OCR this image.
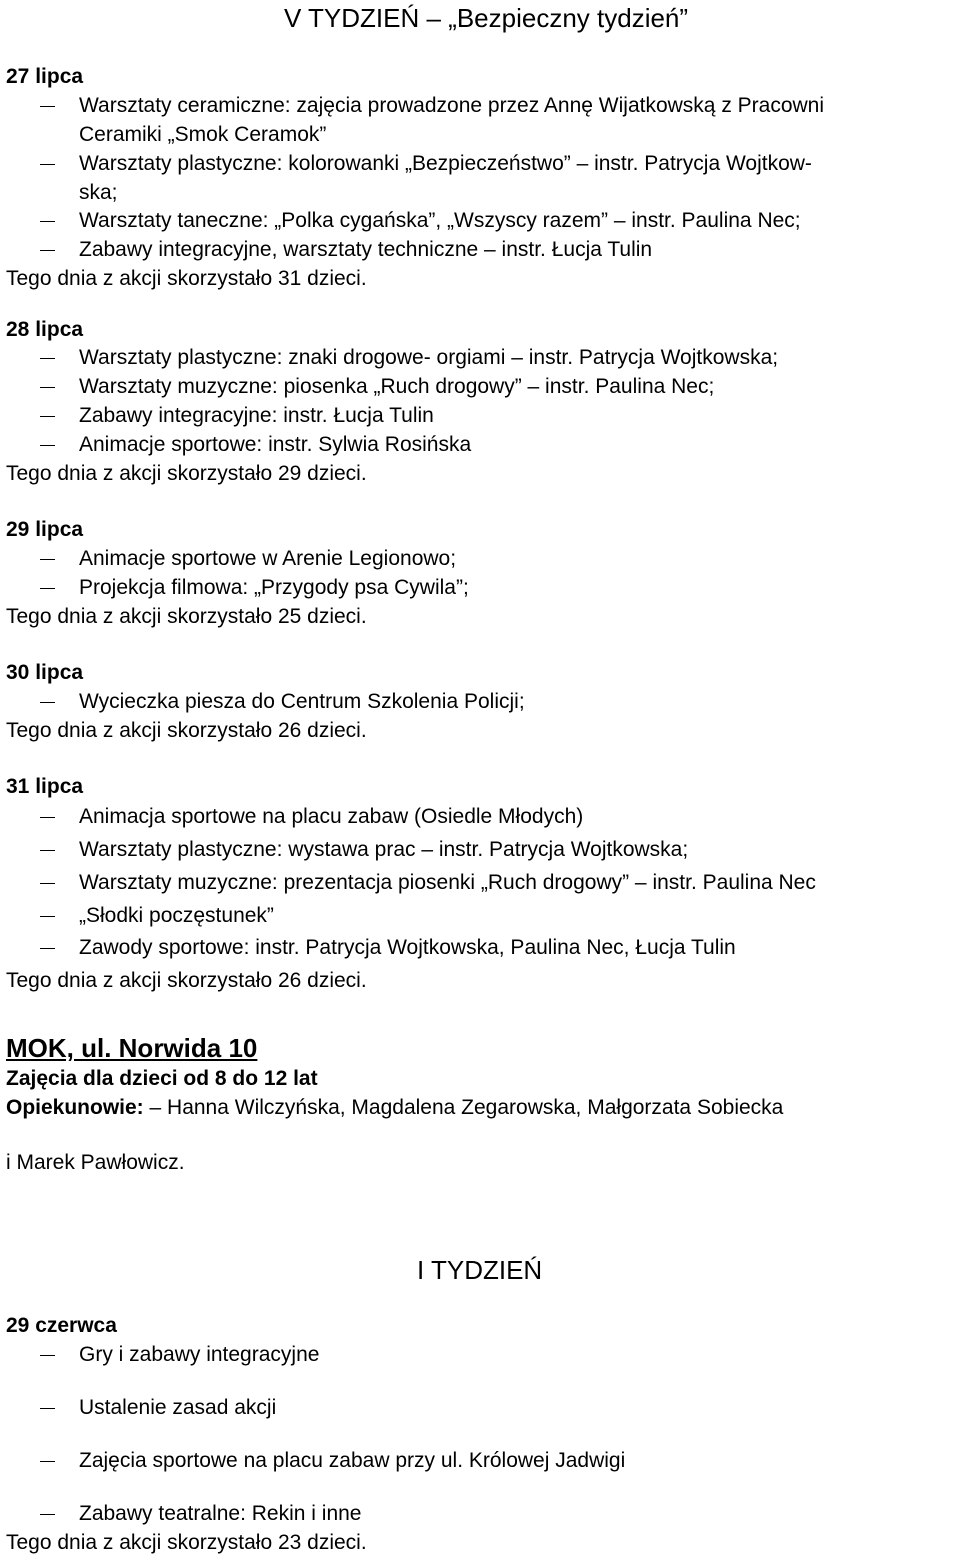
V TYDZIEŃ – „Bezpieczny tydzień”
27 lipca
Warsztaty ceramiczne: zajęcia prowadzone przez Annę Wijatkowską z Pracowni
Ceramiki „Smok Ceramok”
Warsztaty plastyczne: kolorowanki „Bezpieczeństwo” – instr. Patrycja Wojtkow-
ska;
Warsztaty taneczne: „Polka cygańska”, „Wszyscy razem” – instr. Paulina Nec;
Zabawy integracyjne, warsztaty techniczne – instr. Łucja Tulin
Tego dnia z akcji skorzystało 31 dzieci.
28 lipca
Warsztaty plastyczne: znaki drogowe- orgiami – instr. Patrycja Wojtkowska;
Warsztaty muzyczne: piosenka „Ruch drogowy” – instr. Paulina Nec;
Zabawy integracyjne: instr. Łucja Tulin
Animacje sportowe: instr. Sylwia Rosińska
Tego dnia z akcji skorzystało 29 dzieci.
29 lipca
Animacje sportowe w Arenie Legionowo;
Projekcja filmowa: „Przygody psa Cywila”;
Tego dnia z akcji skorzystało 25 dzieci.
30 lipca
Wycieczka piesza do Centrum Szkolenia Policji;
Tego dnia z akcji skorzystało 26 dzieci.
31 lipca
Animacja sportowe na placu zabaw (Osiedle Młodych)
Warsztaty plastyczne: wystawa prac – instr. Patrycja Wojtkowska;
Warsztaty muzyczne: prezentacja piosenki „Ruch drogowy” – instr. Paulina Nec
„Słodki poczęstunek”
Zawody sportowe: instr. Patrycja Wojtkowska, Paulina Nec, Łucja Tulin
Tego dnia z akcji skorzystało 26 dzieci.
MOK, ul. Norwida 10
Zajęcia dla dzieci od 8 do 12 lat
Opiekunowie: – Hanna Wilczyńska, Magdalena Zegarowska, Małgorzata Sobiecka
i Marek Pawłowicz.
I TYDZIEŃ
29 czerwca
Gry i zabawy integracyjne
Ustalenie zasad akcji
Zajęcia sportowe na placu zabaw przy ul. Królowej Jadwigi
Zabawy teatralne: Rekin i inne
Tego dnia z akcji skorzystało 23 dzieci.
